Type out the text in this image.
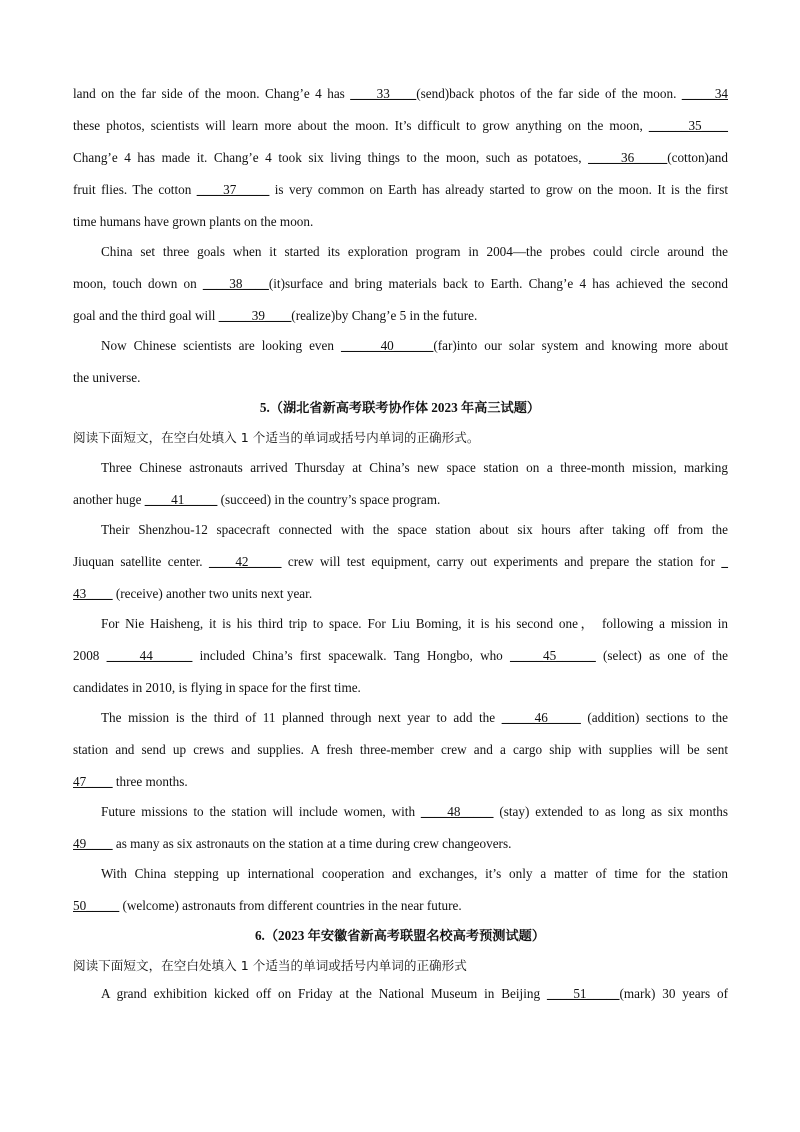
land on the far side of the moon. Chang’e 4 has ____33____(send)back photos of the far side of the moon. _____34
these photos, scientists will learn more about the moon. It’s difficult to grow anything on the moon, ______35____
Chang’e 4 has made it. Chang’e 4 took six living things to the moon, such as potatoes, _____36_____(cotton)and
fruit flies. The cotton ____37_____ is very common on Earth has already started to grow on the moon. It is the first
time humans have grown plants on the moon.
China set three goals when it started its exploration program in 2004—the probes could circle around the
moon, touch down on ____38____(it)surface and bring materials back to Earth. Chang’e 4 has achieved the second
goal and the third goal will _____39____(realize)by Chang’e 5 in the future.
Now Chinese scientists are looking even ______40______(far)into our solar system and knowing more about
the universe.
5.（湖北省新高考联考协作体 2023 年高三试题）
阅读下面短文，在空白处填入 1 个适当的单词或括号内单词的正确形式。
Three Chinese astronauts arrived Thursday at China’s new space station on a three-month mission, marking
another huge ____41_____ (succeed) in the country’s space program.
Their Shenzhou-12 spacecraft connected with the space station about six hours after taking off from the
Jiuquan satellite center. ____42_____ crew will test equipment, carry out experiments and prepare the station for _
43____ (receive) another two units next year.
For Nie Haisheng, it is his third trip to space. For Liu Boming, it is his second one， following a mission in
2008 _____44______ included China’s first spacewalk. Tang Hongbo, who _____45______ (select) as one of the
candidates in 2010, is flying in space for the first time.
The mission is the third of 11 planned through next year to add the _____46_____ (addition) sections to the
station and send up crews and supplies. A fresh three-member crew and a cargo ship with supplies will be sent
47____ three months.
Future missions to the station will include women, with ____48_____ (stay) extended to as long as six months
49____ as many as six astronauts on the station at a time during crew changeovers.
With China stepping up international cooperation and exchanges, it’s only a matter of time for the station
50_____ (welcome) astronauts from different countries in the near future.
6.（2023 年安徽省新高考联盟名校高考预测试题）
阅读下面短文，在空白处填入 1 个适当的单词或括号内单词的正确形式
A grand exhibition kicked off on Friday at the National Museum in Beijing ____51_____(mark) 30 years of
